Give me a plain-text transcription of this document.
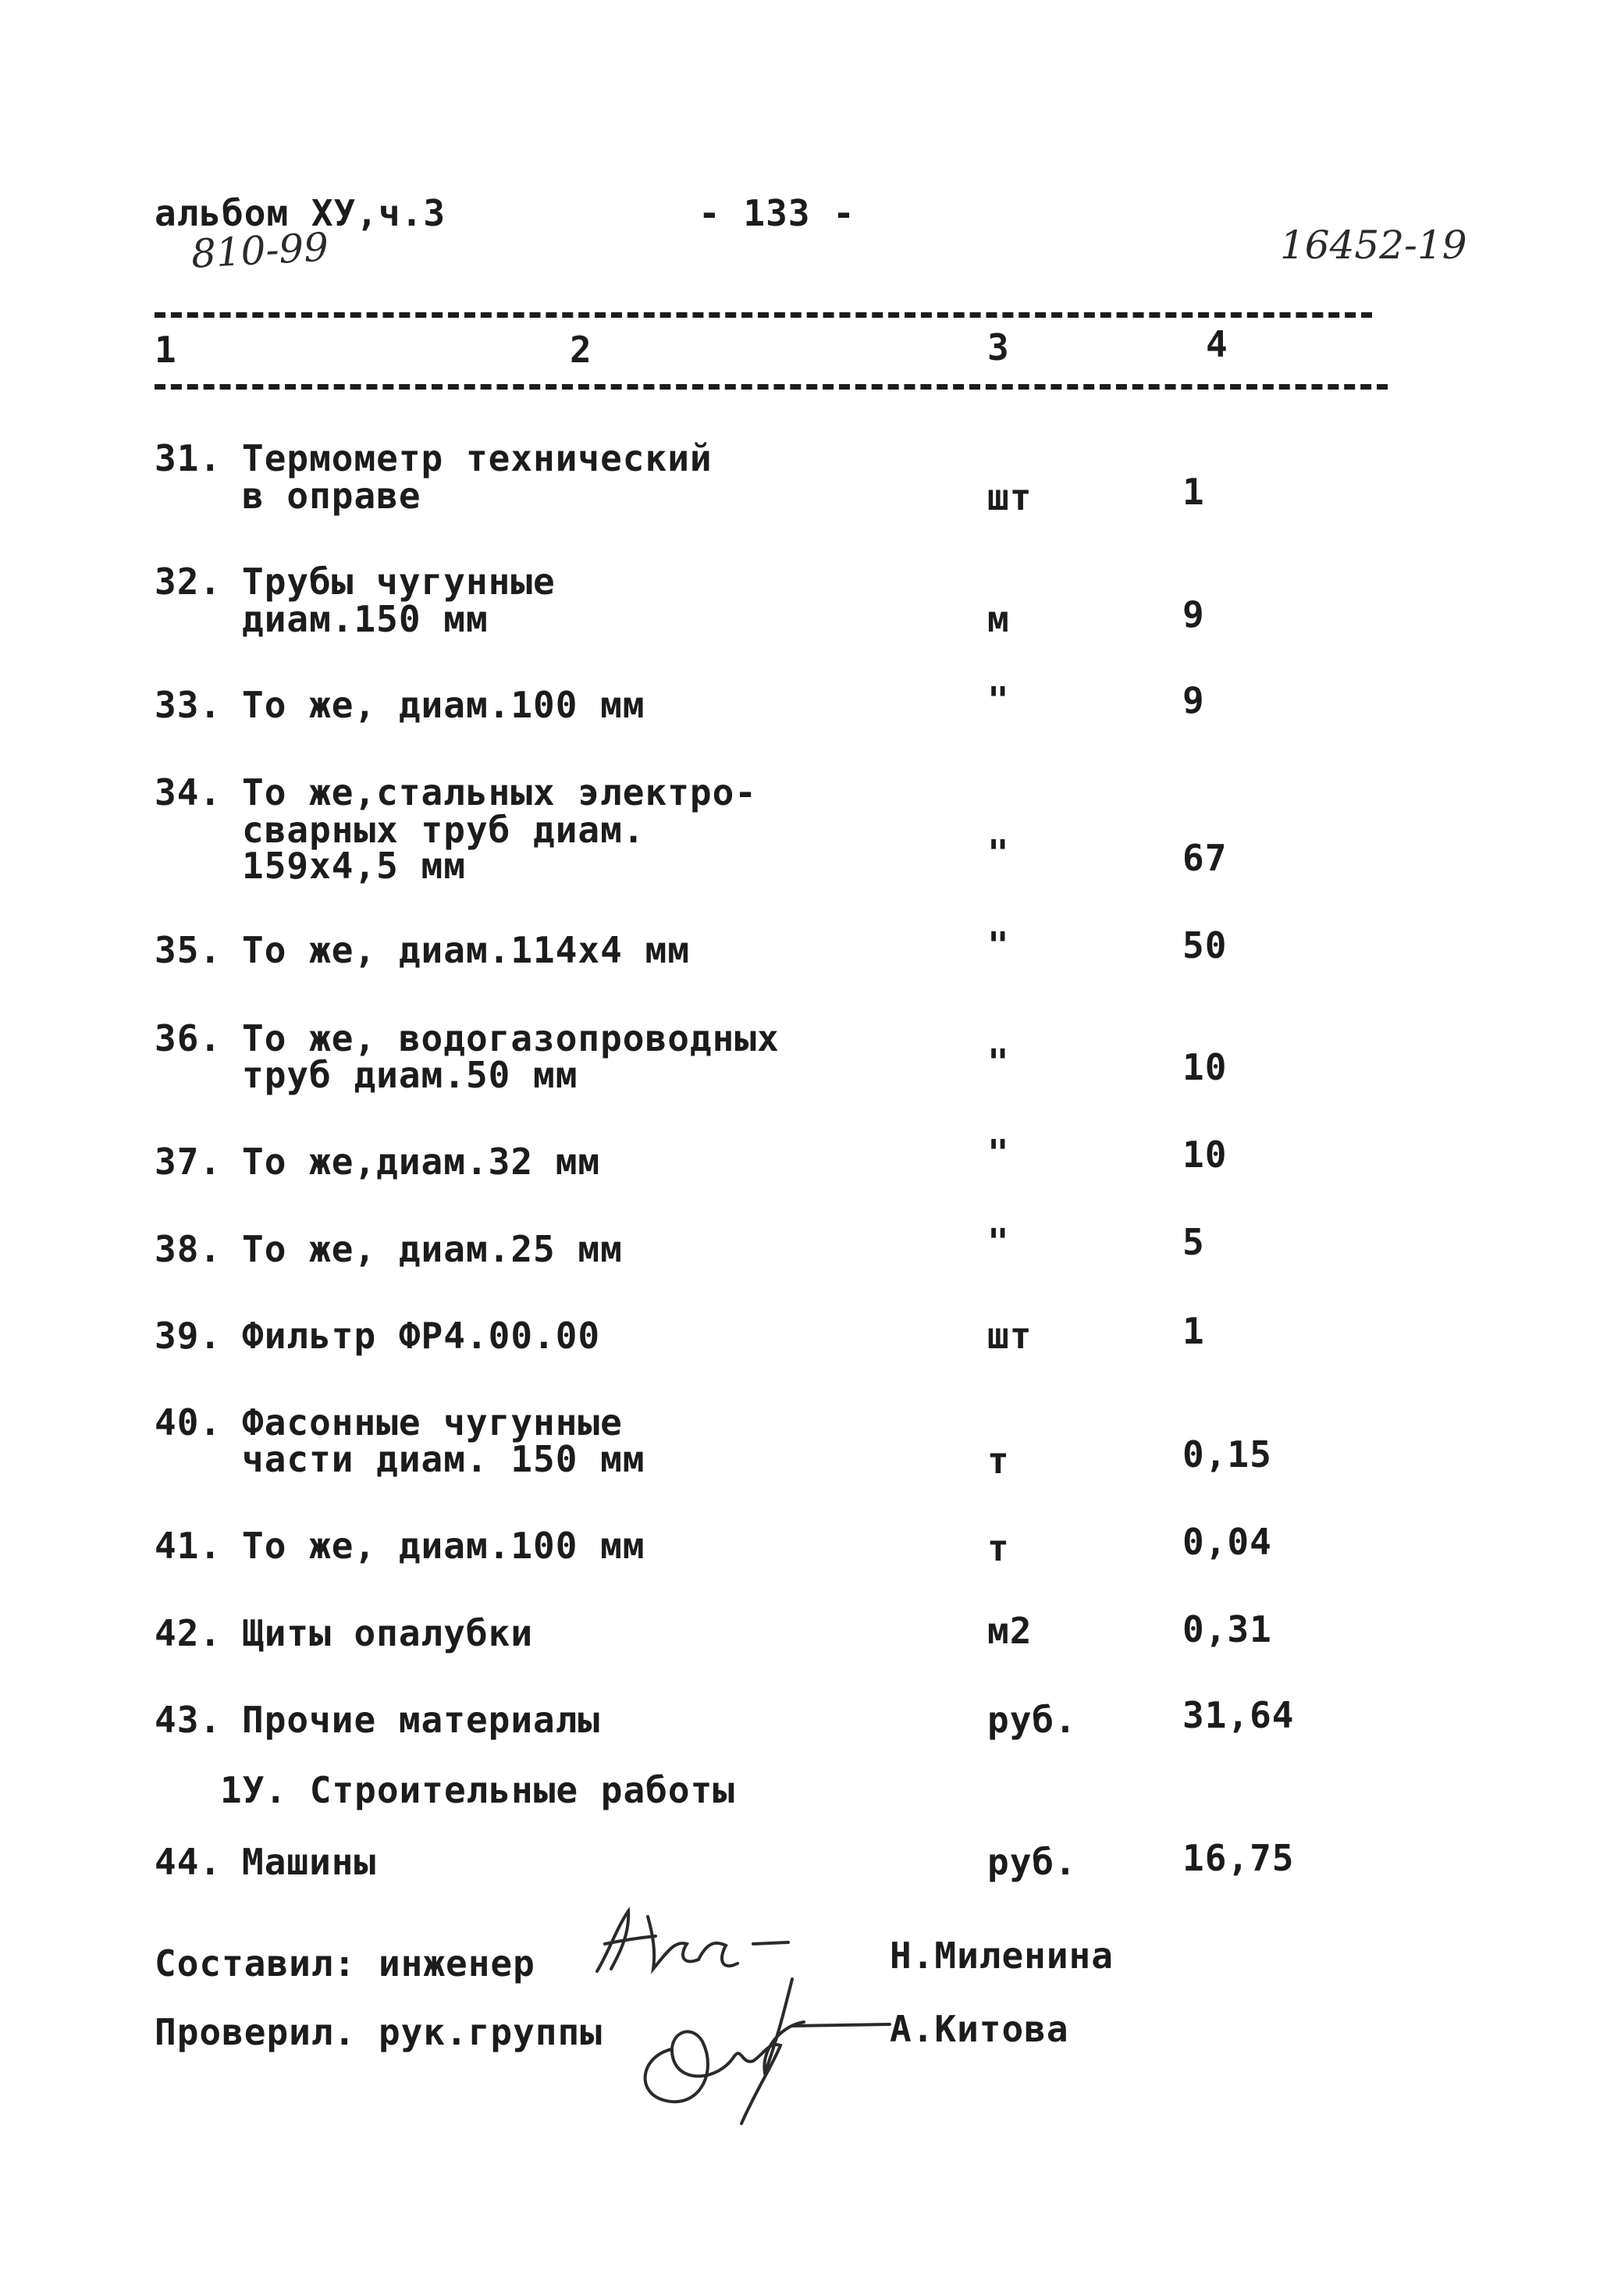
альбом ХУ,ч.3	- 133 -
810-99	16452-19
1	2	3	4
31. Термометр технический
в оправе	шт	1
32. Трубы чугунные
диам.150 мм	м	9
33. То же, диам.100 мм	"	9
34. То же,стальных электро-
сварных труб диам.
159х4,5 мм	"	67
35. То же, диам.114х4 мм	"	50
36. То же, водогазопроводных
труб диам.50 мм	"	10
37. То же,диам.32 мм	"	10
38. То же, диам.25 мм	"	5
39. Фильтр ФР4.00.00	шт	1
40. Фасонные чугунные
части диам. 150 мм	т	0,15
41. То же, диам.100 мм	т	0,04
42. Щиты опалубки	м2	0,31
43. Прочие материалы	руб.	31,64
1У. Строительные работы
44. Машины	руб.	16,75
Составил: инженер	Н.Миленина
Проверил. рук.группы	А.Китова
